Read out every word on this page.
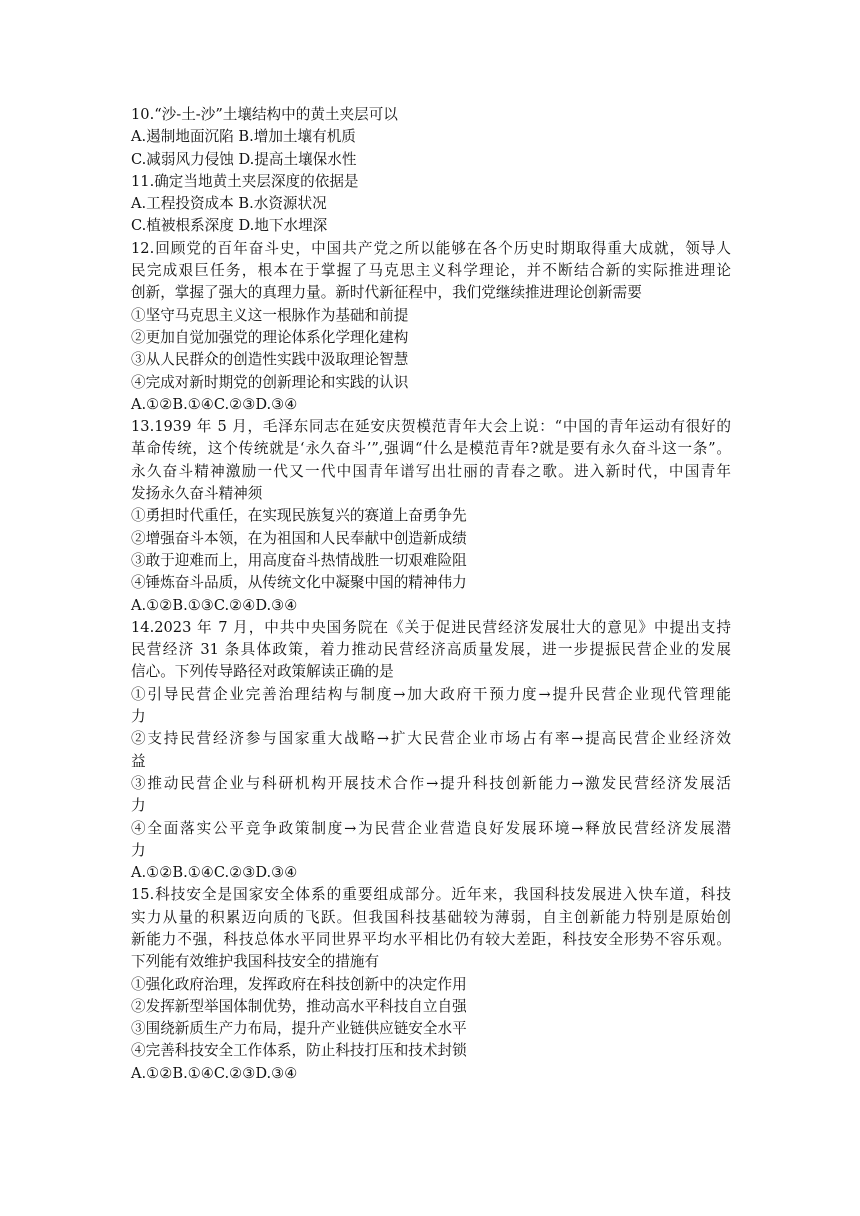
10.“沙-土-沙”土壤结构中的黄土夹层可以
A.遏制地面沉陷 B.增加土壤有机质
C.减弱风力侵蚀 D.提高土壤保水性
11.确定当地黄土夹层深度的依据是
A.工程投资成本 B.水资源状况
C.植被根系深度 D.地下水埋深
12.回顾党的百年奋斗史，中国共产党之所以能够在各个历史时期取得重大成就，领导人
民完成艰巨任务，根本在于掌握了马克思主义科学理论，并不断结合新的实际推进理论
创新，掌握了强大的真理力量。新时代新征程中，我们党继续推进理论创新需要
①坚守马克思主义这一根脉作为基础和前提
②更加自觉加强党的理论体系化学理化建构
③从人民群众的创造性实践中汲取理论智慧
④完成对新时期党的创新理论和实践的认识
A.①②B.①④C.②③D.③④
13.1939 年 5 月，毛泽东同志在延安庆贺模范青年大会上说：“中国的青年运动有很好的
革命传统，这个传统就是‘永久奋斗’”,强调“什么是模范青年?就是要有永久奋斗这一条”。
永久奋斗精神激励一代又一代中国青年谱写出壮丽的青春之歌。进入新时代，中国青年
发扬永久奋斗精神须
①勇担时代重任，在实现民族复兴的赛道上奋勇争先
②增强奋斗本领，在为祖国和人民奉献中创造新成绩
③敢于迎难而上，用高度奋斗热情战胜一切艰难险阻
④锤炼奋斗品质，从传统文化中凝聚中国的精神伟力
A.①②B.①③C.②④D.③④
14.2023 年 7 月，中共中央国务院在《关于促进民营经济发展壮大的意见》中提出支持
民营经济 31 条具体政策，着力推动民营经济高质量发展，进一步提振民营企业的发展
信心。下列传导路径对政策解读正确的是
①引导民营企业完善治理结构与制度→加大政府干预力度→提升民营企业现代管理能
力
②支持民营经济参与国家重大战略→扩大民营企业市场占有率→提高民营企业经济效
益
③推动民营企业与科研机构开展技术合作→提升科技创新能力→激发民营经济发展活
力
④全面落实公平竞争政策制度→为民营企业营造良好发展环境→释放民营经济发展潜
力
A.①②B.①④C.②③D.③④
15.科技安全是国家安全体系的重要组成部分。近年来，我国科技发展进入快车道，科技
实力从量的积累迈向质的飞跃。但我国科技基础较为薄弱，自主创新能力特别是原始创
新能力不强，科技总体水平同世界平均水平相比仍有较大差距，科技安全形势不容乐观。
下列能有效维护我国科技安全的措施有
①强化政府治理，发挥政府在科技创新中的决定作用
②发挥新型举国体制优势，推动高水平科技自立自强
③围绕新质生产力布局，提升产业链供应链安全水平
④完善科技安全工作体系，防止科技打压和技术封锁
A.①②B.①④C.②③D.③④
